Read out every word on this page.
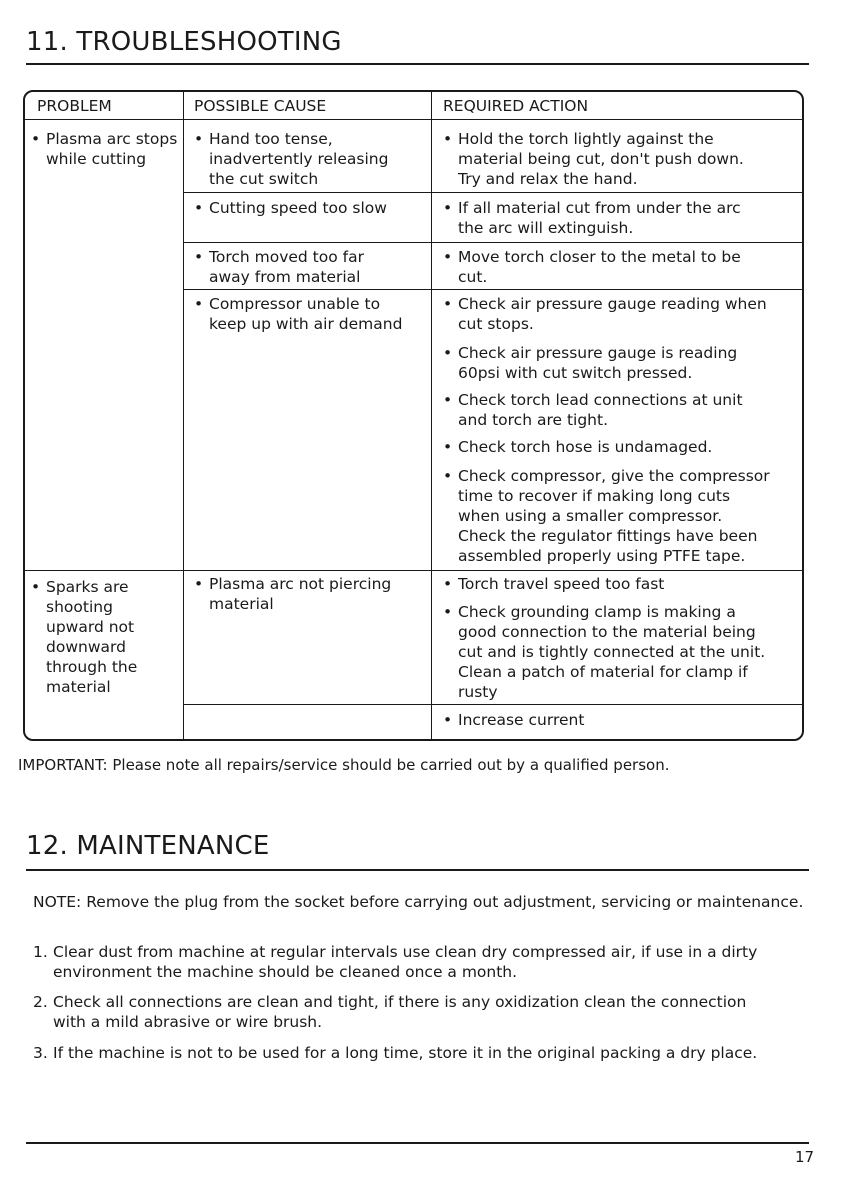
11. TROUBLESHOOTING
PROBLEM	POSSIBLE CAUSE	REQUIRED ACTION
• Plasma arc stops
while cutting
• Sparks are
shooting
upward not
downward
through the
material
• Hand too tense,
inadvertently releasing
the cut switch
• Cutting speed too slow
• Torch moved too far
away from material
• Compressor unable to
keep up with air demand
• Plasma arc not piercing
material
• Hold the torch lightly against the
material being cut, don't push down.
Try and relax the hand.
• If all material cut from under the arc
the arc will extinguish.
• Move torch closer to the metal to be
cut.
• Check air pressure gauge reading when
cut stops.
• Check air pressure gauge is reading
60psi with cut switch pressed.
• Check torch lead connections at unit
and torch are tight.
• Check torch hose is undamaged.
• Check compressor, give the compressor
time to recover if making long cuts
when using a smaller compressor.
Check the regulator fittings have been
assembled properly using PTFE tape.
• Torch travel speed too fast
• Check grounding clamp is making a
good connection to the material being
cut and is tightly connected at the unit.
Clean a patch of material for clamp if
rusty
• Increase current
IMPORTANT: Please note all repairs/service should be carried out by a qualified person.
12. MAINTENANCE
NOTE: Remove the plug from the socket before carrying out adjustment, servicing or maintenance.
1. Clear dust from machine at regular intervals use clean dry compressed air, if use in a dirty
environment the machine should be cleaned once a month.
2. Check all connections are clean and tight, if there is any oxidization clean the connection
with a mild abrasive or wire brush.
3. If the machine is not to be used for a long time, store it in the original packing a dry place.
17
